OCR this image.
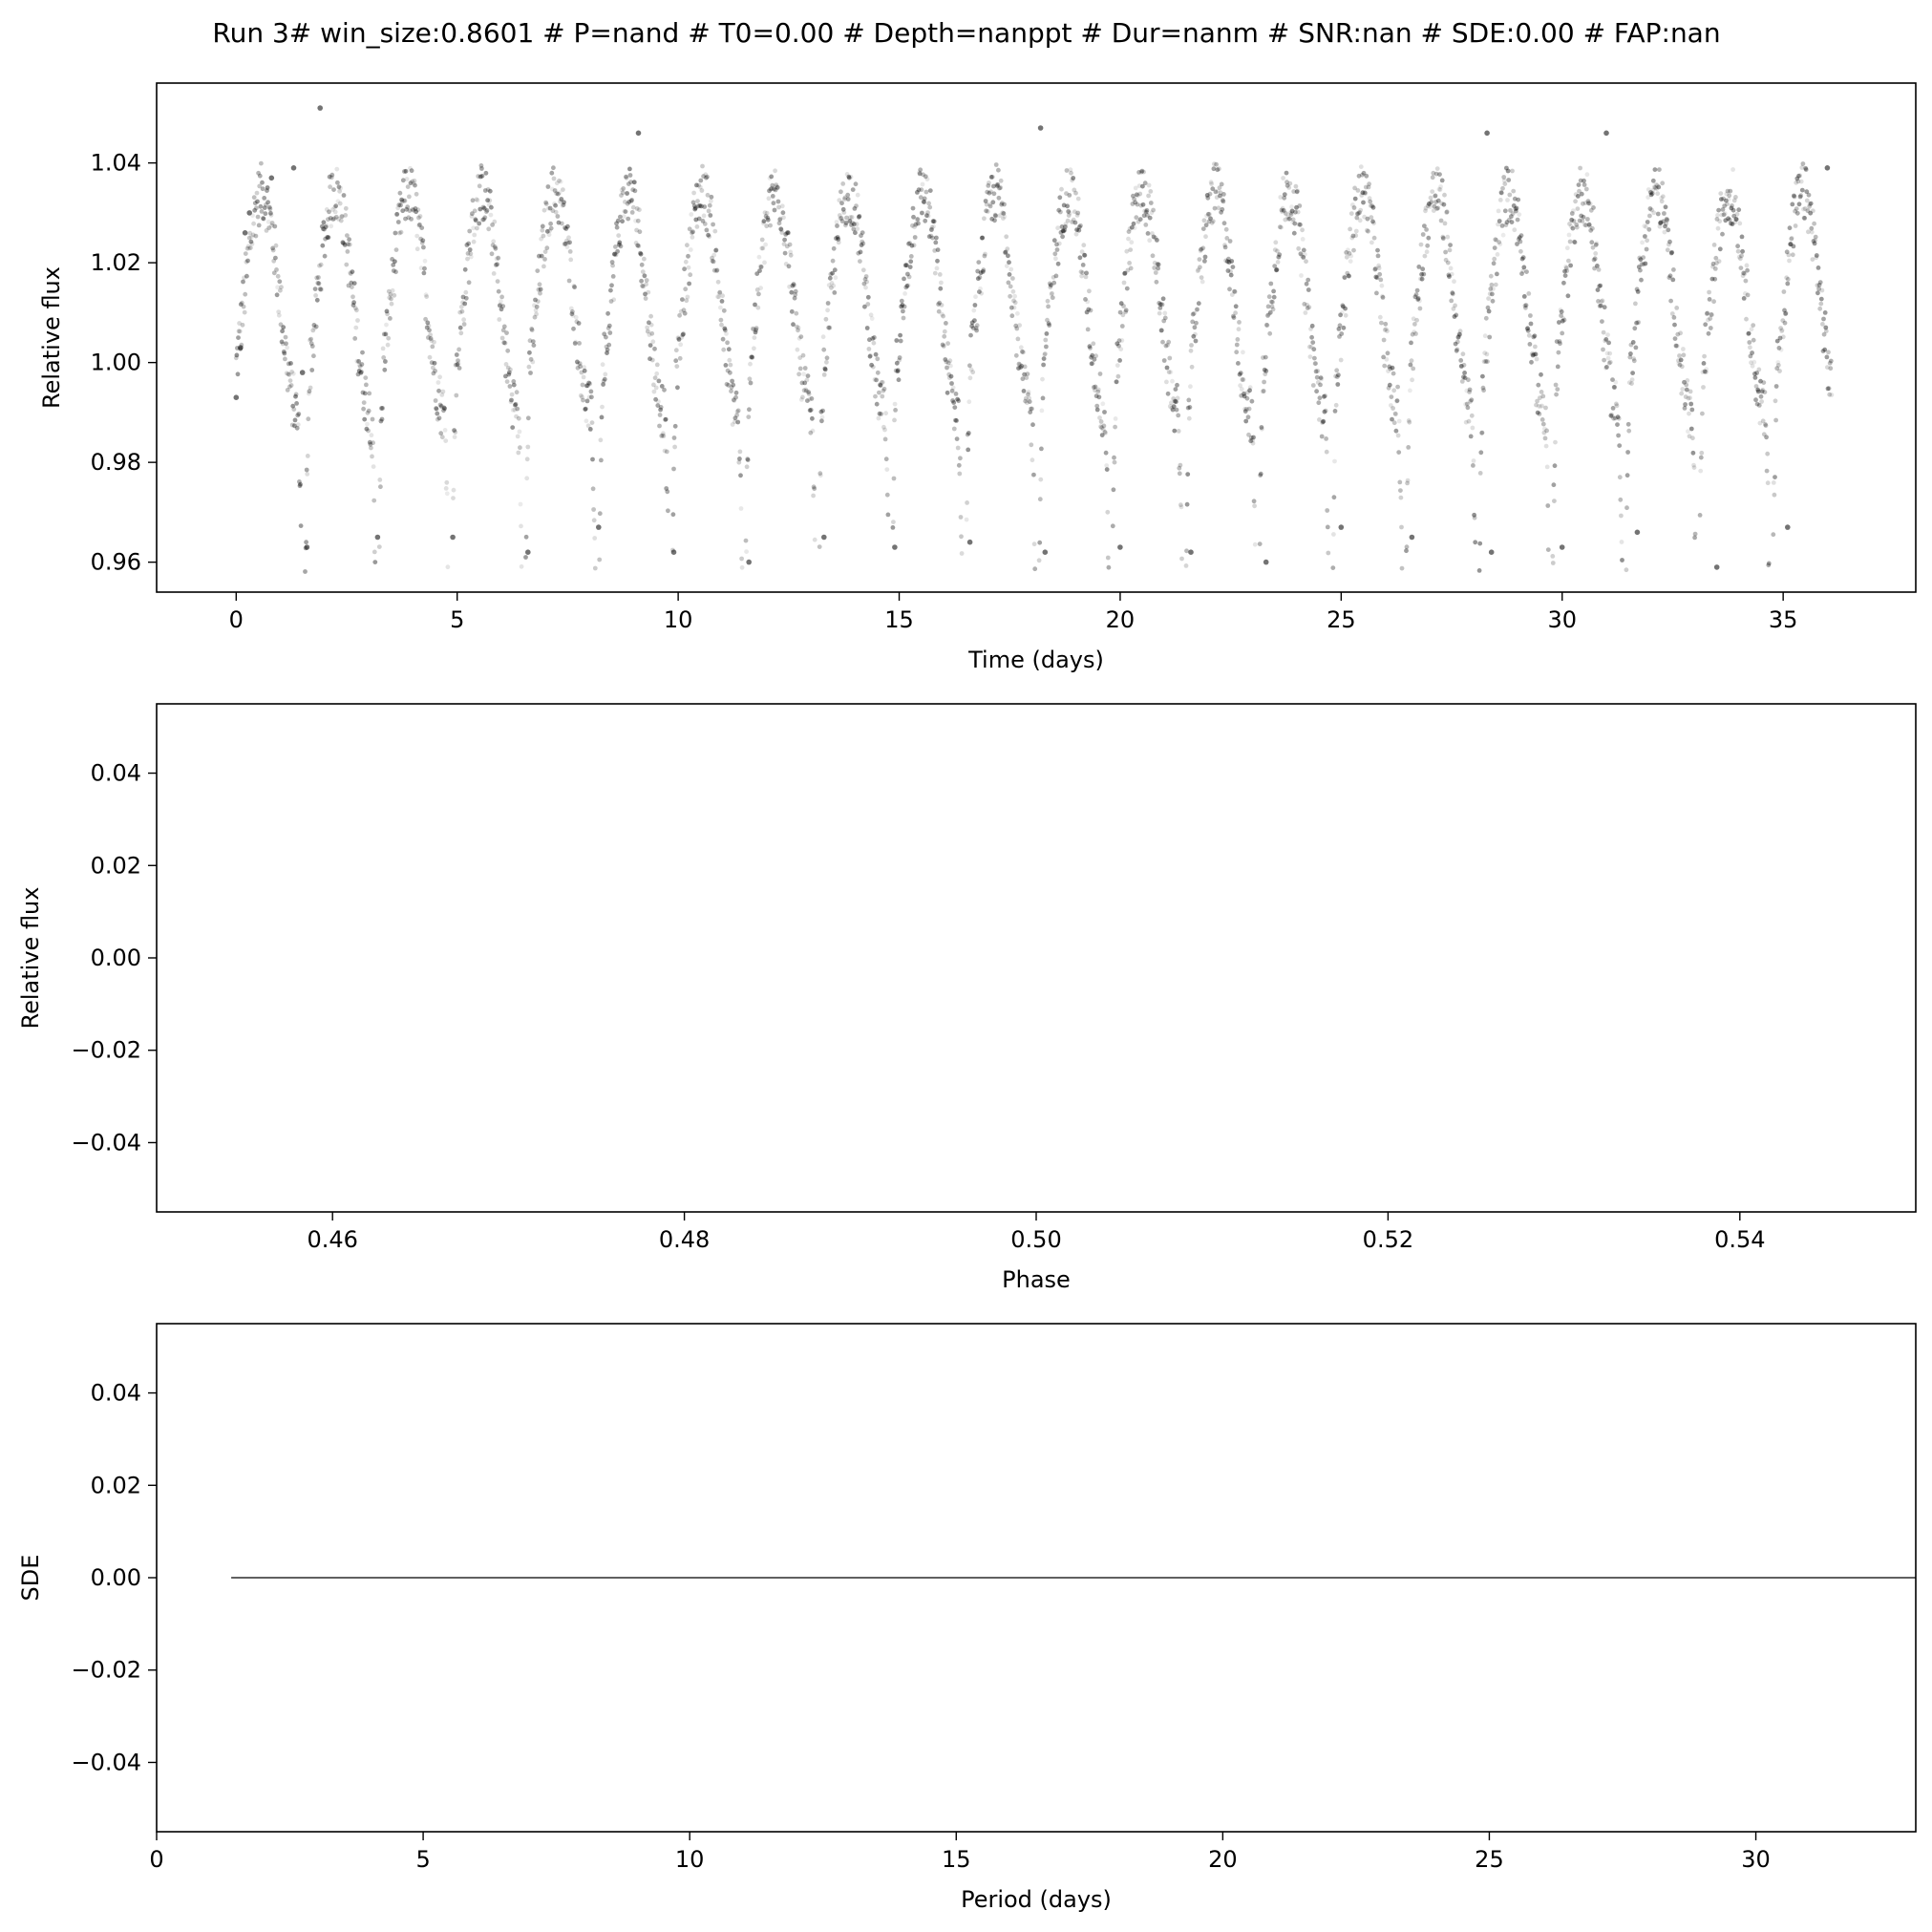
Run 3# win_size:0.8601 # P=nand # T0=0.00 # Depth=nanppt # Dur=nanm # SNR:nan # SDE:0.00 # FAP:nan
0	5	10	15	20	25	30	35
0.96
0.98
1.00
1.02
1.04
Time (days)
Relative flux
0.46	0.48	0.50	0.52	0.54
−0.04
−0.02
0.00
0.02
0.04
Phase
Relative flux
0	5	10	15	20	25	30
−0.04
−0.02
0.00
0.02
0.04
Period (days)
SDE
